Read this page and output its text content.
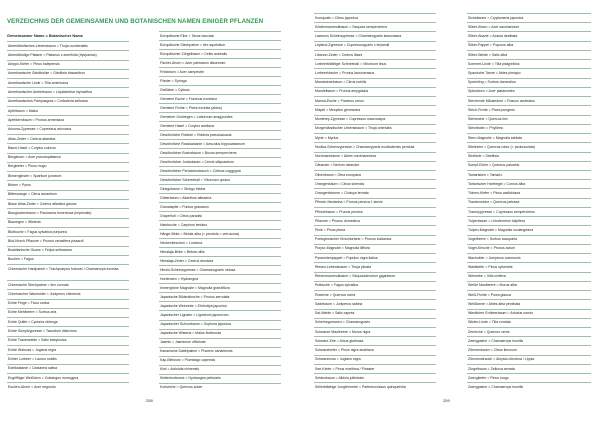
VERZEICHNIS DER GEMEINSAMEN UND BOTANISCHEN NAMEN EINIGER PFLANZEN
Gemeinsamer Name = Botanischer Name
Abendländisches Lebensbaum = Thuja occidentalis
Abendländige Platane = Platanus x acerifolia (hyspanica)
Aleppo-Kiefer = Pinus halepensis
Amerikanische Gleditschie = Gleditzia triacanthos
Amerikanische Linde = Tilia americana
Amerikanischer Amberbaum = Liquidambar styraciflua
Amerikanisches Pampasgras = Cortaderia selloana
Apfelbaum = Malus
Apfelkernbaum = Prunus armeniaca
Arizona-Zypresse = Cupressus arizonica
Atlas-Zeder = Cedrus atlantica
Baum-Hasel = Corylus colurna
Bergahorn = Acer pseudoplatanus
Bergkiefer = Pinus mugo
Binsenginster = Spartium junceum
Birken = Pyrus
Bitterorange = Citrus aurantium
Blaue Atlas-Zeder = Cedrus atlantica glauca
Blauglockenbaum = Paulownia tomentosa (imperialis)
Blauregen = Wisteria
Blutbuche = Fagus sylvatica purpurea
Blut-Kirsch-Pflaume = Prunus cerasifera pissardi
Brasilianische Guave = Feijoa sellowiana
Buchen = Fagus
Chinesische Hanfpalme = Trachycarpus fortunei / Chamaerops excelsa
Chinesische Stechpalme = Ilex cornuta
Chinesischer Wacholder = Juniperus chinensis
Echte Feige = Ficus carica
Echte Mehlbeere = Sorbus aria
Echte Quitte = Cydonia oblonga
Echte Sumpfzypresse = Taxodium distichum
Echte Trauerweide = Salix babylonica
Echte Walnuss = Juglans regia
Echter Lorbeer = Laurus nobilis
Edelkastanie = Castanea sativa
Engriffliger Weißdorn = Crataegus monogyna
Eschen-Ahorn = Acer negundo
Europäische Eibe = Taxus baccata
Europäische Stechpalme = Ilex aquifolium
Europäischer Zürgelbaum = Celtis australis
Fächer-Ahorn = Acer palmatum dissectum
Feldahorn = Acer campestre
Flieder = Syringa
Geißklee = Cytisus
Gemeine Esche = Fraxinus excelsior
Gemeine Fichte = Picea excelsa (abies)
Gemeiner Goldregen = Laburnum anagyroides
Gemeine Hasel = Corylus avellana
Gewöhnliche Robinie = Robinia pseudoacacia
Gewöhnliche Rosskastanie = Aesculus hippocastanum
Gewöhnlicher Buchsbaum = Buxus sempervirens
Gewöhnlicher Judasbaum = Cercis siliquastrum
Gewöhnlicher Perückenstrauch = Cotinus coggygria
Gewöhnlicher Schneeball = Viburnum opulus
Ginkgobaum = Ginkgo biloba
Götterbaum = Ailanthus altissima
Granatapfel = Punica granatum
Grapefruit = Citrus paradisi
Hainbuche = Carpinus betulus
Hänge-Birke = Betula alba (= pendula = verrucosa)
Heckenkirschen = Lonicera
Himalaja-Birke = Betula utilis
Himalaja-Zeder = Cedrus deodara
Hinoki-Scheinzypresse = Chamaecyparis obtusa
Hortensien = Hydrangea
Immergrüne Magnolie = Magnolia grandiflora
Japanische Blütenkirsche = Prunus serrulata
Japanische Weinrebe = Ehrbottya japonica
Japanischer Liguster = Ligustrum japonicum
Japanischer Schnurbaum = Sophora japonica
Japanische Wisteria = Malus floribunda
Jasmin = Jasminum officinale
Kanarische Dattelpalme = Phoenix canariensis
Kap-Bleiwurz = Plumbago capensis
Kiwi = Actinidia chinensis
Kletterhortensie = Hydrangea petiolaris
Korkeiche = Quercus suber
Kumquats = Citrus japonica
Küstenmammutbaum = Sequoia sempervirens
Lawsons Scheinzypresse = Chamaecyparis lawsoniana
Leyland-Zypresse = Cupressocyparis x leylandii
Libanon-Zeder = Cedrus libani
Lorbeerblättriger Schneeball = Viburnum tinus
Lorbeerkirsche = Prunus laurocerasus
Mandarinenbaum = Citrus nobilis
Mandelbaum = Prunus amygdalus
Manna-Esche = Fraxinus ornus
Mispel = Mespilus germanica
Monterey-Zypresse = Cupressus macrocarpa
Morgenländischer Lebensbaum = Thuja orientalis
Myrte = Myrtus
Nootka-Scheinzypresse = Chamaecyparis nootkatensis pendula
Nordmanntanne = Abies nordmanniana
Oleander = Nerium oleander
Ölivenbaum = Olea europaea
Orangenbaum = Citrus sinensis
Orangenblumen = Choisya ternata
Pfirsich Nectarina = Prunus persica f. laevis
Pfirsichbaum = Prunus persica
Pflaume = Prunus domestica
Pinie = Pinus pinea
Portugiesischer Kirschlorbeer = Prunus lusitanica
Purpur-Magnolie = Magnolia liliflora
Pyramidenpappel = Populus nigra italica
Riesen-Lebensbaum = Thuja plicata
Riesenmammutbaum = Sequoiadendron giganteum
Rotbuche = Fagus sylvatica
Roteiche = Quercus rubra
Sadebaum = Juniperus sabina
Sal-Weide = Salix caprea
Scheinzypressen = Chamaecyparis
Schwarze Maulbeere = Morus nigra
Schwarz-Erle = Alnus glutinosa
Schwarzkiefer = Pinus nigra austriaca
Schwarznuss = Juglans nigra
See-Kiefer = Pinus maritima / Pinaster
Seidenbaum = Albizia julibrissin
Sellerblättrige Jungfernrebe = Parthenocissus quinquefolia
Sicheltanne = Cryptomeria japonica
Silber-Ahorn = Acer saccharinum
Silber-Akazie = Acacia dealbata
Silber-Pappel = Populus alba
Silber-Weide = Salix alba
Sommer-Linde = Tilia platyphillos
Spanische Tanne = Abies pinsapo
Speierling = Sorbus domestica
Spitzahorn = Acer platanoides
Stechende Mäusedorn = Ruscus aculeatus
Stech-Fichte = Picea pungens
Steineiche = Quercus ilex
Steinlinden = Phyllirea
Stern-Magnolie = Magnolia stellata
Stieleiche = Quercus robur (= pedunculata)
Strelitzie = Strelitzia
Sumpf-Eiche = Quercus palustris
Tamarisken = Tamarix
Tartarischer Hartriegel = Cornus alba
Tränen-Kiefer = Pinus wallichiana
Traubeneiche = Quercus petraea
Traueryypresse = Cupressus sempervirens
Tulpenbaum = Liriodendron tulipifera
Tulpen-Magnolie = Magnolia soulangeana
Vogelbeere = Sorbus aucuparia
Vogel-Kirsche = Prunus avium
Wacholder = Juniperus communis
Waldkiefer = Pinus sylvestris
Weinrebe = Vitis vinifera
Weiße Maulbeere = Morus alba
Weiß-Fichte = Picea glauca
Weißtanne = Abies alba pectinata
Westlicher Erdbeerbaum = Arbutus unedo
Winter-Linde = Tilia cordata
Zerreiche = Quercus cerris
Zwergpalme = Chamaerops humilis
Zitronenbaum = Citrus limonum
Zitronenstrauch = Aloysia citrodora / Lippia
Zürgelbaum = Zelkova serrata
Zwergkiefer = Pinus mugo
Zwergpalme = Chamaerops humilis
258	259
